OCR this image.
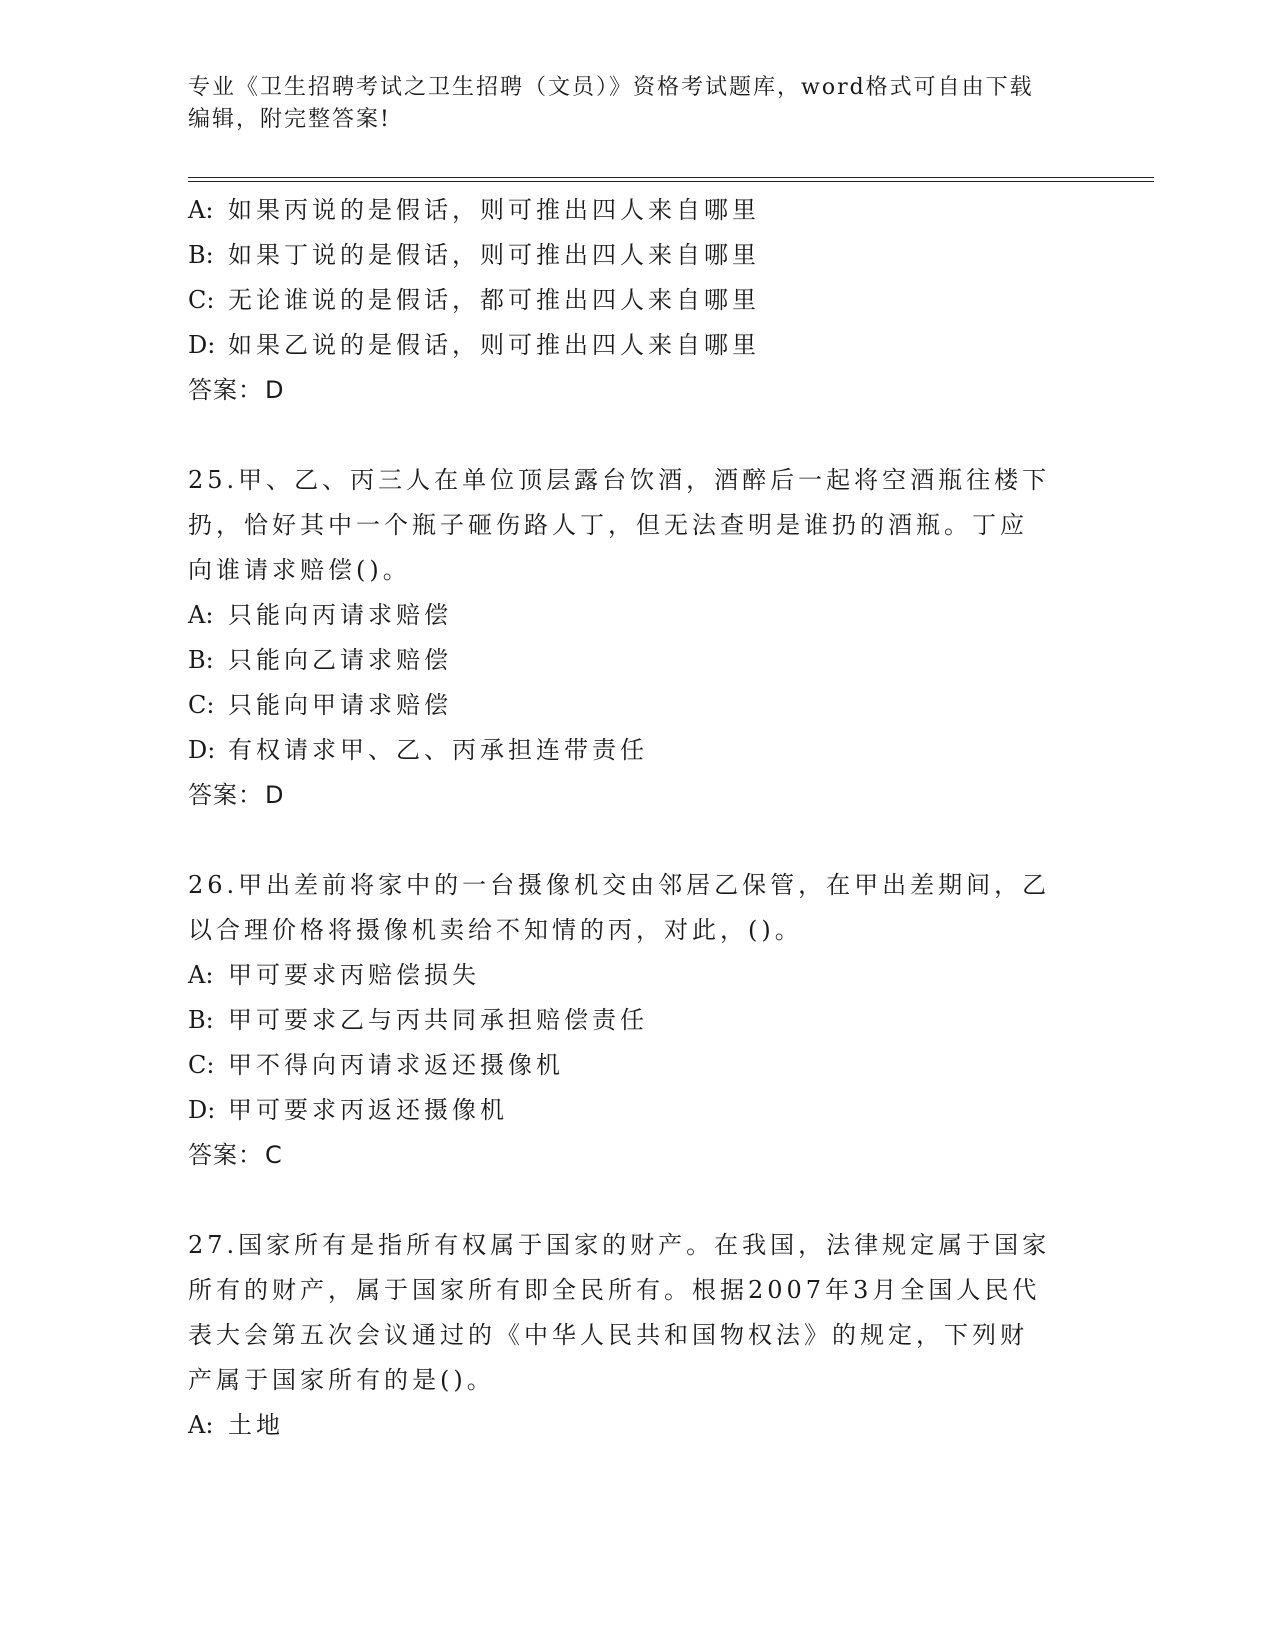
专业《卫生招聘考试之卫生招聘（文员）》资格考试题库，word格式可自由下载

编辑，附完整答案!

A: 如果丙说的是假话，则可推出四人来自哪里

B: 如果丁说的是假话，则可推出四人来自哪里

C: 无论谁说的是假话，都可推出四人来自哪里

D: 如果乙说的是假话，则可推出四人来自哪里

答案：D

25.甲、乙、丙三人在单位顶层露台饮酒，酒醉后一起将空酒瓶往楼下

扔，恰好其中一个瓶子砸伤路人丁，但无法查明是谁扔的酒瓶。丁应

向谁请求赔偿()。

A: 只能向丙请求赔偿

B: 只能向乙请求赔偿

C: 只能向甲请求赔偿

D: 有权请求甲、乙、丙承担连带责任

答案：D

26.甲出差前将家中的一台摄像机交由邻居乙保管，在甲出差期间，乙

以合理价格将摄像机卖给不知情的丙，对此，()。

A: 甲可要求丙赔偿损失

B: 甲可要求乙与丙共同承担赔偿责任

C: 甲不得向丙请求返还摄像机

D: 甲可要求丙返还摄像机

答案：C

27.国家所有是指所有权属于国家的财产。在我国，法律规定属于国家

所有的财产，属于国家所有即全民所有。根据2007年3月全国人民代

表大会第五次会议通过的《中华人民共和国物权法》的规定，下列财

产属于国家所有的是()。

A: 土地
